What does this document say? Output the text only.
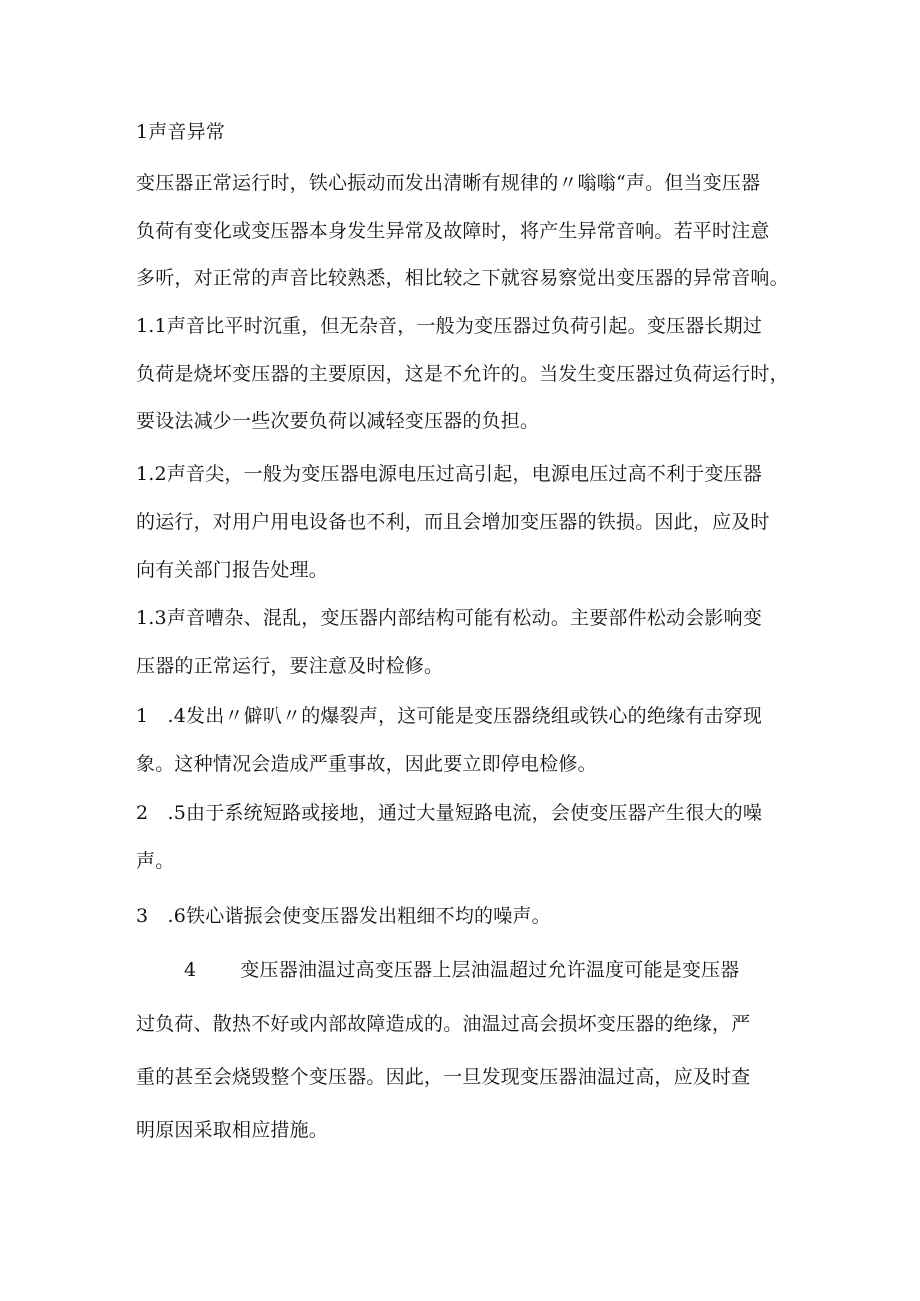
1声音异常
变压器正常运行时，铁心振动而发出清晰有规律的〃嗡嗡“声。但当变压器
负荷有变化或变压器本身发生异常及故障时，将产生异常音响。若平时注意
多听，对正常的声音比较熟悉，相比较之下就容易察觉出变压器的异常音响。
1.1声音比平时沉重，但无杂音，一般为变压器过负荷引起。变压器长期过
负荷是烧坏变压器的主要原因，这是不允许的。当发生变压器过负荷运行时，
要设法减少一些次要负荷以减轻变压器的负担。
1.2声音尖，一般为变压器电源电压过高引起，电源电压过高不利于变压器
的运行，对用户用电设备也不利，而且会增加变压器的铁损。因此，应及时
向有关部门报告处理。
1.3声音嘈杂、混乱，变压器内部结构可能有松动。主要部件松动会影响变
压器的正常运行，要注意及时检修。
1　.4发出〃僻叭〃的爆裂声，这可能是变压器绕组或铁心的绝缘有击穿现
象。这种情况会造成严重事故，因此要立即停电检修。
2　.5由于系统短路或接地，通过大量短路电流，会使变压器产生很大的噪
声。
3　.6铁心谐振会使变压器发出粗细不均的噪声。
4 变压器油温过高变压器上层油温超过允许温度可能是变压器
过负荷、散热不好或内部故障造成的。油温过高会损坏变压器的绝缘，严
重的甚至会烧毁整个变压器。因此，一旦发现变压器油温过高，应及时查
明原因采取相应措施。
